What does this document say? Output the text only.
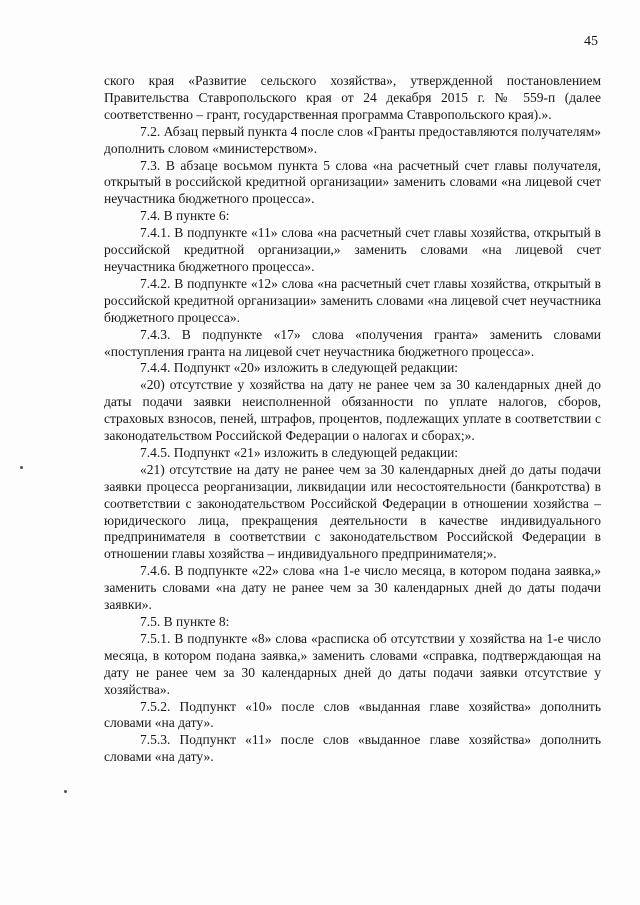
45

ского края «Развитие сельского хозяйства», утвержденной постановлением Правительства Ставропольского края от 24 декабря 2015 г. № 559-п (далее соответственно – грант, государственная программа Ставропольского края).».

7.2. Абзац первый пункта 4 после слов «Гранты предоставляются получателям» дополнить словом «министерством».

7.3. В абзаце восьмом пункта 5 слова «на расчетный счет главы получателя, открытый в российской кредитной организации» заменить словами «на лицевой счет неучастника бюджетного процесса».

7.4. В пункте 6:

7.4.1. В подпункте «11» слова «на расчетный счет главы хозяйства, открытый в российской кредитной организации,» заменить словами «на лицевой счет неучастника бюджетного процесса».

7.4.2. В подпункте «12» слова «на расчетный счет главы хозяйства, открытый в российской кредитной организации» заменить словами «на лицевой счет неучастника бюджетного процесса».

7.4.3. В подпункте «17» слова «получения гранта» заменить словами «поступления гранта на лицевой счет неучастника бюджетного процесса».

7.4.4. Подпункт «20» изложить в следующей редакции:

«20) отсутствие у хозяйства на дату не ранее чем за 30 календарных дней до даты подачи заявки неисполненной обязанности по уплате налогов, сборов, страховых взносов, пеней, штрафов, процентов, подлежащих уплате в соответствии с законодательством Российской Федерации о налогах и сборах;».

7.4.5. Подпункт «21» изложить в следующей редакции:

«21) отсутствие на дату не ранее чем за 30 календарных дней до даты подачи заявки процесса реорганизации, ликвидации или несостоятельности (банкротства) в соответствии с законодательством Российской Федерации в отношении хозяйства – юридического лица, прекращения деятельности в качестве индивидуального предпринимателя в соответствии с законодательством Российской Федерации в отношении главы хозяйства – индивидуального предпринимателя;».

7.4.6. В подпункте «22» слова «на 1-е число месяца, в котором подана заявка,» заменить словами «на дату не ранее чем за 30 календарных дней до даты подачи заявки».

7.5. В пункте 8:

7.5.1. В подпункте «8» слова «расписка об отсутствии у хозяйства на 1-е число месяца, в котором подана заявка,» заменить словами «справка, подтверждающая на дату не ранее чем за 30 календарных дней до даты подачи заявки отсутствие у хозяйства».

7.5.2. Подпункт «10» после слов «выданная главе хозяйства» дополнить словами «на дату».

7.5.3. Подпункт «11» после слов «выданное главе хозяйства» дополнить словами «на дату».
